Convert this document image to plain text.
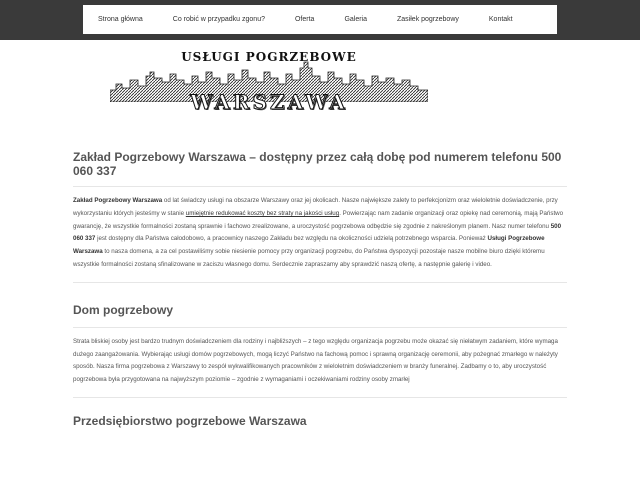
Strona główna	Co robić w przypadku zgonu?	Oferta	Galeria	Zasiłek pogrzebowy	Kontakt
USŁUGI POGRZEBOWE
WARSZAWA
Zakład Pogrzebowy Warszawa – dostępny przez całą dobę pod numerem telefonu 500 060 337

Zakład Pogrzebowy Warszawa od lat świadczy usługi na obszarze Warszawy oraz jej okolicach. Nasze największe zalety to perfekcjonizm oraz wieloletnie doświadczenie, przy wykorzystaniu których jesteśmy w stanie umiejętnie redukować koszty bez straty na jakości usług. Powierzając nam zadanie organizacji oraz opiekę nad ceremonią, mają Państwo gwarancję, że wszystkie formalności zostaną sprawnie i fachowo zrealizowane, a uroczystość pogrzebowa odbędzie się zgodnie z nakreślonym planem. Nasz numer telefonu 500 060 337 jest dostępny dla Państwa całodobowo, a pracownicy naszego Zakładu bez względu na okoliczności udzielą potrzebnego wsparcia. Ponieważ Usługi Pogrzebowe Warszawa to nasza domena, a za cel postawiliśmy sobie niesienie pomocy przy organizacji pogrzebu, do Państwa dyspozycji pozostaje nasze mobilne biuro dzięki któremu wszystkie formalności zostaną sfinalizowane w zaciszu własnego domu. Serdecznie zapraszamy aby sprawdzić naszą ofertę, a następnie galerię i video.

Dom pogrzebowy

Strata bliskiej osoby jest bardzo trudnym doświadczeniem dla rodziny i najbliższych – z tego względu organizacja pogrzebu może okazać się niełatwym zadaniem, które wymaga dużego zaangażowania. Wybierając usługi domów pogrzebowych, mogą liczyć Państwo na fachową pomoc i sprawną organizację ceremonii, aby pożegnać zmarłego w należyty sposób. Nasza firma pogrzebowa z Warszawy to zespół wykwalifikowanych pracowników z wieloletnim doświadczeniem w branży funeralnej. Zadbamy o to, aby uroczystość pogrzebowa była przygotowana na najwyższym poziomie – zgodnie z wymaganiami i oczekiwaniami rodziny osoby zmarłej

Przedsiębiorstwo pogrzebowe Warszawa
